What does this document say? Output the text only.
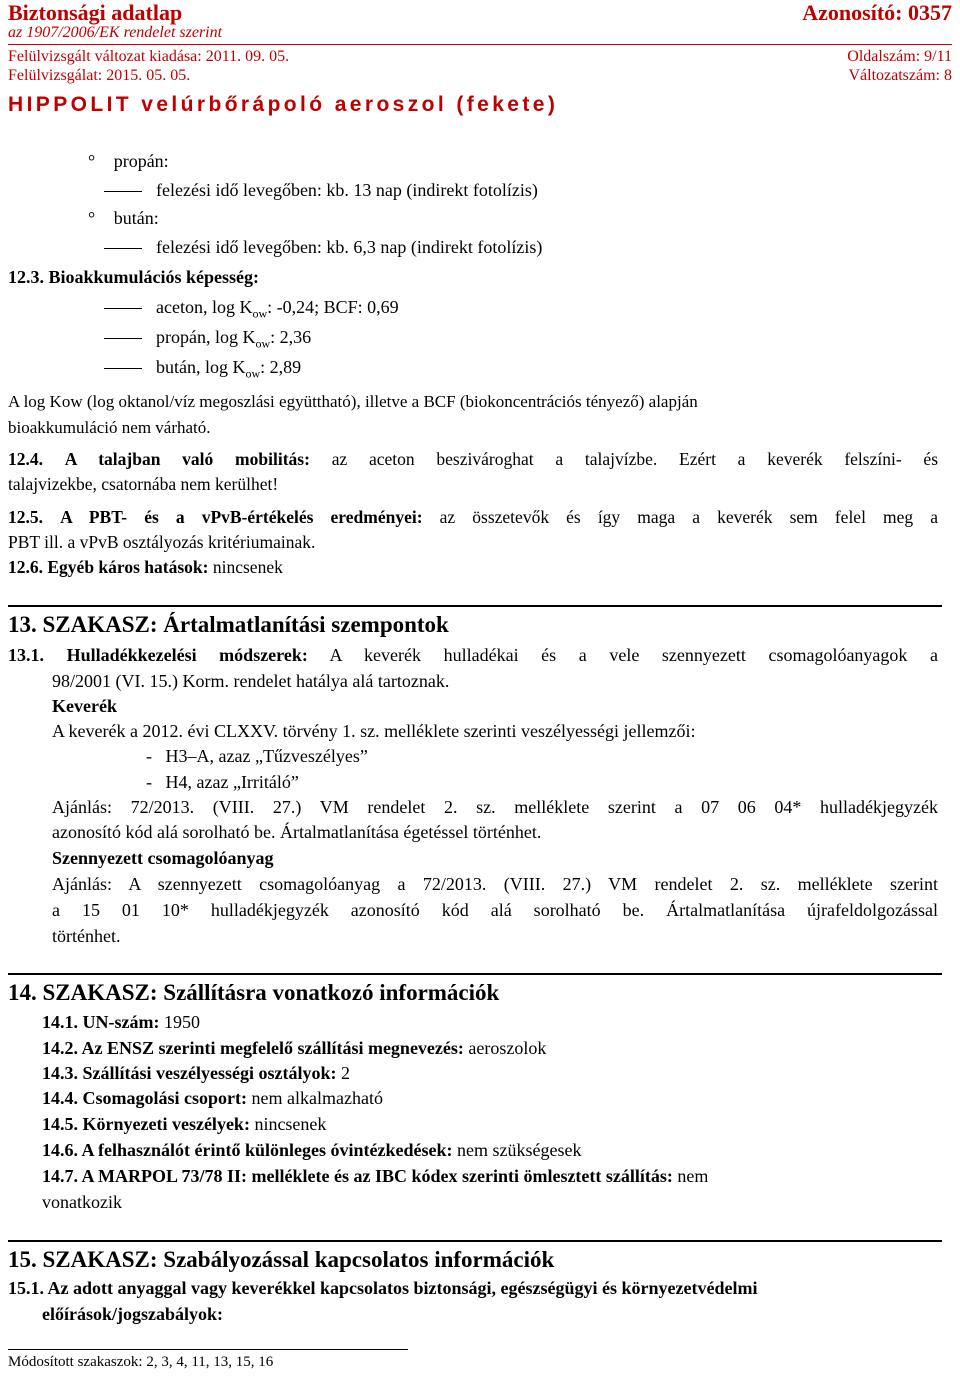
Biztonsági adatlap	Azonosító: 0357
az 1907/2006/EK rendelet szerint
Felülvizsgált változat kiadása: 2011. 09. 05.	Oldalszám: 9/11
Felülvizsgálat: 2015. 05. 05.	Változatszám: 8
HIPPOLIT velúrbőrápoló aeroszol (fekete)
° propán:
felezési idő levegőben: kb. 13 nap (indirekt fotolízis)
° bután:
felezési idő levegőben: kb. 6,3 nap (indirekt fotolízis)
12.3. Bioakkumulációs képesség:
aceton, $\log K_{ow}$: -0,24; BCF: 0,69
propán, $\log K_{ow}$: 2,36
bután, $\log K_{ow}$: 2,89
A log Kow (log oktanol/víz megoszlási együttható), illetve a BCF (biokoncentrációs tényező) alapján
bioakkumuláció nem várható.
12.4. A talajban való mobilitás: az aceton beszivároghat a talajvízbe. Ezért a keverék felszíni- és
talajvizekbe, csatornába nem kerülhet!
12.5. A PBT- és a vPvB-értékelés eredményei: az összetevők és így maga a keverék sem felel meg a
PBT ill. a vPvB osztályozás kritériumainak.
12.6. Egyéb káros hatások: nincsenek
13. SZAKASZ: Ártalmatlanítási szempontok
13.1. Hulladékkezelési módszerek: A keverék hulladékai és a vele szennyezett csomagolóanyagok a
98/2001 (VI. 15.) Korm. rendelet hatálya alá tartoznak.
Keverék
A keverék a 2012. évi CLXXV. törvény 1. sz. melléklete szerinti veszélyességi jellemzői:
-   H3–A, azaz „Tűzveszélyes”
-   H4, azaz „Irritáló”
Ajánlás: 72/2013. (VIII. 27.) VM rendelet 2. sz. melléklete szerint a 07 06 04* hulladékjegyzék
azonosító kód alá sorolható be. Ártalmatlanítása égetéssel történhet.
Szennyezett csomagolóanyag
Ajánlás: A szennyezett csomagolóanyag a 72/2013. (VIII. 27.) VM rendelet 2. sz. melléklete szerint
a 15 01 10* hulladékjegyzék azonosító kód alá sorolható be. Ártalmatlanítása újrafeldolgozással
történhet.
14. SZAKASZ: Szállításra vonatkozó információk
14.1. UN-szám: 1950
14.2. Az ENSZ szerinti megfelelő szállítási megnevezés: aeroszolok
14.3. Szállítási veszélyességi osztályok: 2
14.4. Csomagolási csoport: nem alkalmazható
14.5. Környezeti veszélyek: nincsenek
14.6. A felhasználót érintő különleges óvintézkedések: nem szükségesek
14.7. A MARPOL 73/78 II: melléklete és az IBC kódex szerinti ömlesztett szállítás: nem
vonatkozik
15. SZAKASZ: Szabályozással kapcsolatos információk
15.1. Az adott anyaggal vagy keverékkel kapcsolatos biztonsági, egészségügyi és környezetvédelmi
előírások/jogszabályok:
Módosított szakaszok: 2, 3, 4, 11, 13, 15, 16
